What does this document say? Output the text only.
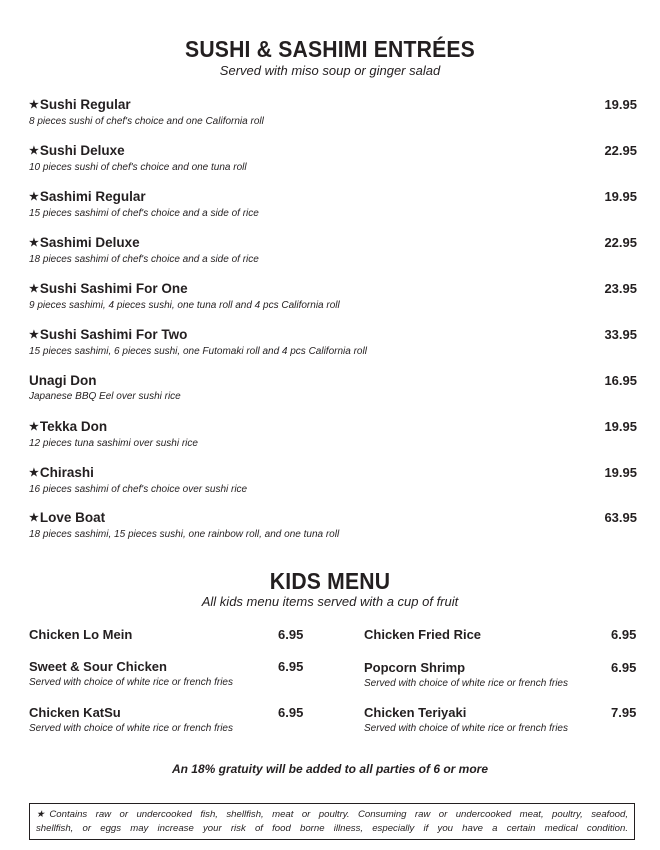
SUSHI & SASHIMI ENTRÉES
Served with miso soup or ginger salad
★Sushi Regular
8 pieces sushi of chef's choice and one California roll
19.95
★Sushi Deluxe
10 pieces sushi of chef's choice and one tuna roll
22.95
★Sashimi Regular
15 pieces sashimi of chef's choice and a side of rice
19.95
★Sashimi Deluxe
18 pieces sashimi of chef's choice and a side of rice
22.95
★Sushi Sashimi For One
9 pieces sashimi, 4 pieces sushi, one tuna roll and 4 pcs California roll
23.95
★Sushi Sashimi For Two
15 pieces sashimi, 6 pieces sushi, one Futomaki roll and 4 pcs California roll
33.95
Unagi Don
Japanese BBQ Eel over sushi rice
16.95
★Tekka Don
12 pieces tuna sashimi over sushi rice
19.95
★Chirashi
16 pieces sashimi of chef's choice over sushi rice
19.95
★Love Boat
18 pieces sashimi, 15 pieces sushi, one rainbow roll, and one tuna roll
63.95
KIDS MENU
All kids menu items served with a cup of fruit
Chicken Lo Mein	6.95
Sweet & Sour Chicken
Served with choice of white rice or french fries
6.95
Chicken KatSu
Served with choice of white rice or french fries
6.95
Chicken Fried Rice	6.95
Popcorn Shrimp
Served with choice of white rice or french fries
6.95
Chicken Teriyaki
Served with choice of white rice or french fries
7.95
An 18% gratuity will be added to all parties of 6 or more
★Contains raw or undercooked fish, shellfish, meat or poultry. Consuming raw or undercooked meat, poultry, seafood,
shellfish, or eggs may increase your risk of food borne illness, especially if you have a certain medical condition.
